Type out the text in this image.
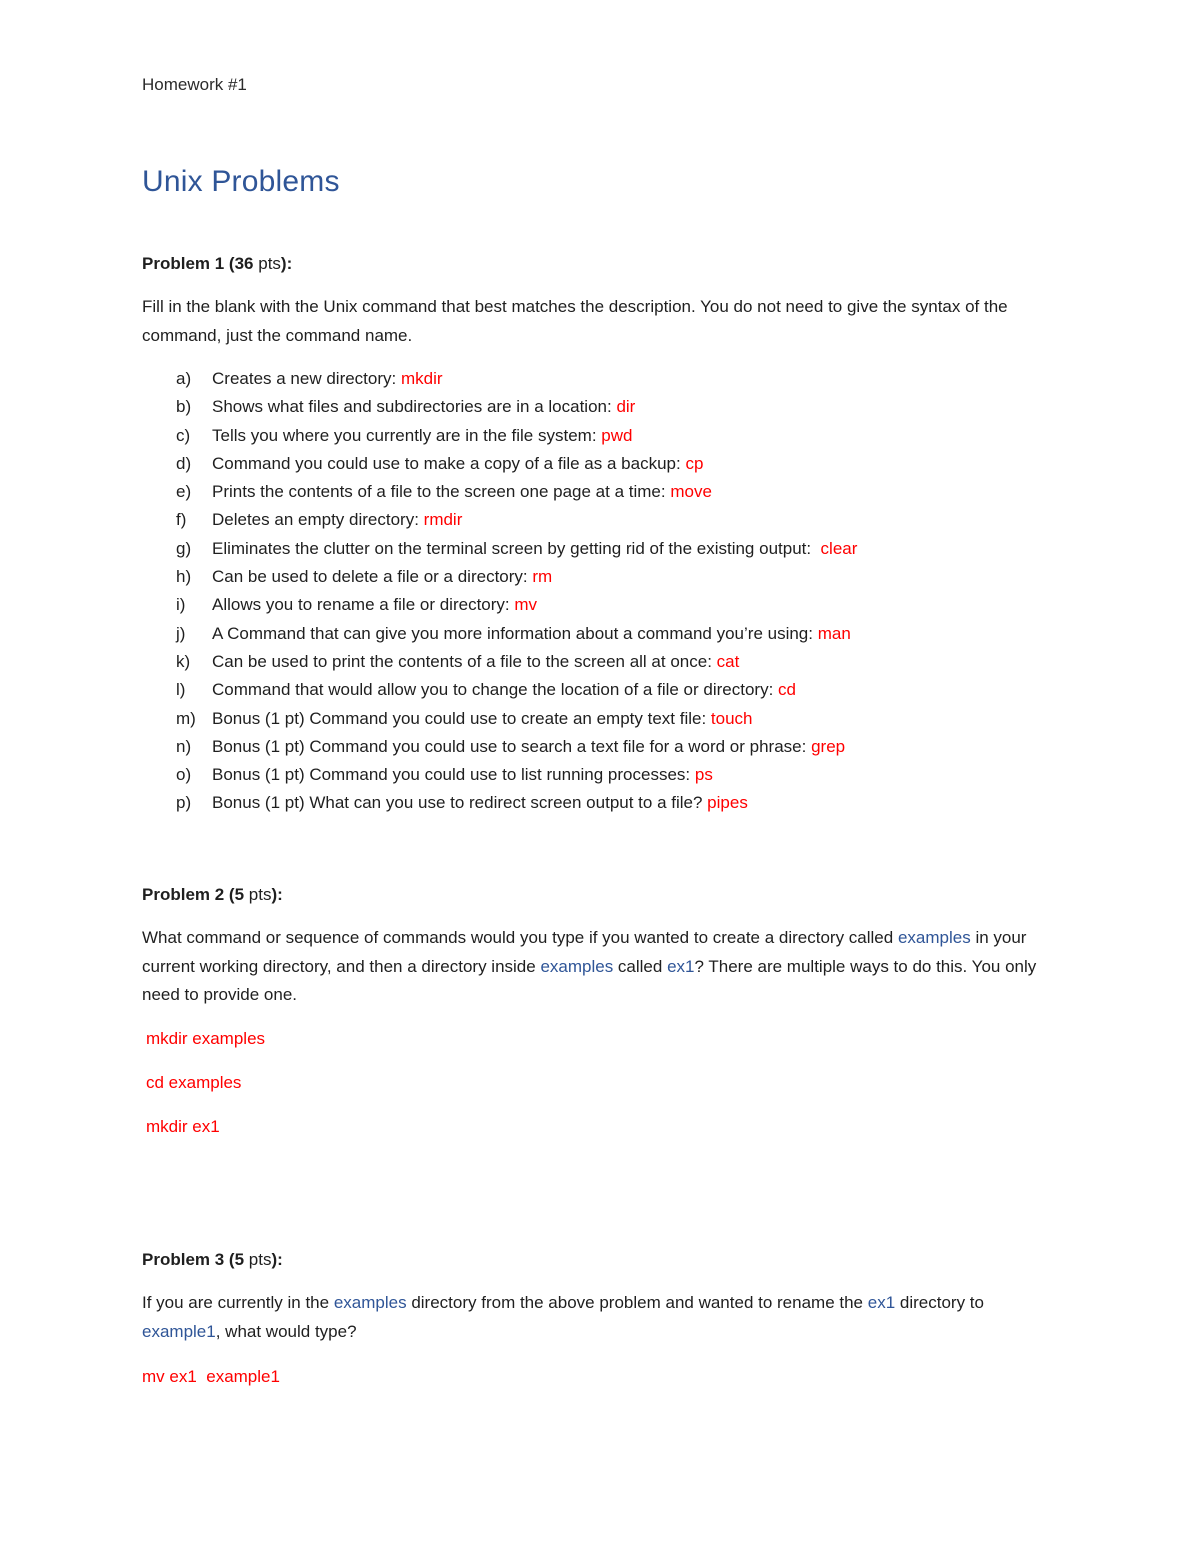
Homework #1
Unix Problems
Problem 1 (36 pts):
Fill in the blank with the Unix command that best matches the description. You do not need to give the syntax of the command, just the command name.
a)	Creates a new directory: mkdir
b)	Shows what files and subdirectories are in a location: dir
c)	Tells you where you currently are in the file system: pwd
d)	Command you could use to make a copy of a file as a backup: cp
e)	Prints the contents of a file to the screen one page at a time: move
f)	Deletes an empty directory: rmdir
g)	Eliminates the clutter on the terminal screen by getting rid of the existing output:  clear
h)	Can be used to delete a file or a directory: rm
i)	Allows you to rename a file or directory: mv
j)	A Command that can give you more information about a command you’re using: man
k)	Can be used to print the contents of a file to the screen all at once: cat
l)	Command that would allow you to change the location of a file or directory: cd
m) Bonus (1 pt) Command you could use to create an empty text file: touch
n)	Bonus (1 pt) Command you could use to search a text file for a word or phrase: grep
o)	Bonus (1 pt) Command you could use to list running processes: ps
p)	Bonus (1 pt) What can you use to redirect screen output to a file? pipes
Problem 2 (5 pts):
What command or sequence of commands would you type if you wanted to create a directory called examples in your current working directory, and then a directory inside examples called ex1? There are multiple ways to do this. You only need to provide one.
mkdir examples
cd examples
mkdir ex1
Problem 3 (5 pts):
If you are currently in the examples directory from the above problem and wanted to rename the ex1 directory to example1, what would type?
mv ex1  example1
